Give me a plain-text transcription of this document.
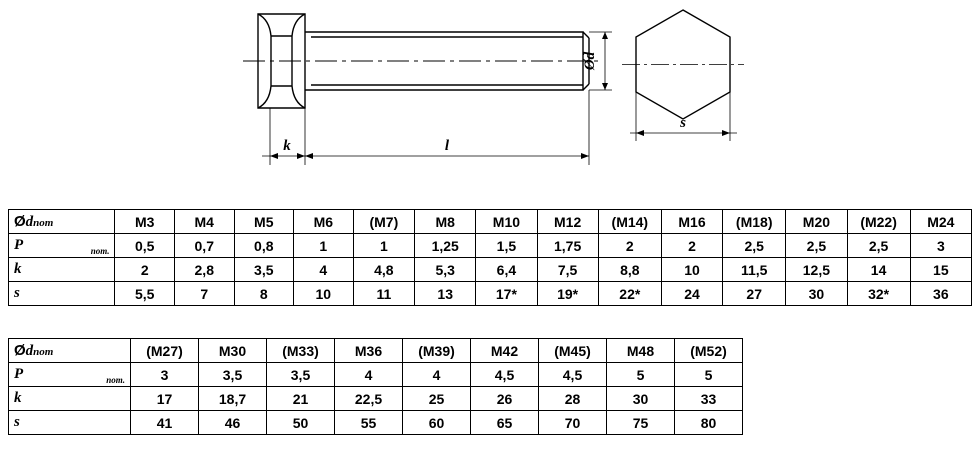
Ød
k	l
s
Ødnom	M3	M4	M5	M6	(M7)	M8	M10	M12	(M14)	M16	(M18)	M20	(M22)	M24
P nom.	0,5	0,7	0,8	1	1	1,25	1,5	1,75	2	2	2,5	2,5	2,5	3
k	2	2,8	3,5	4	4,8	5,3	6,4	7,5	8,8	10	11,5	12,5	14	15
s	5,5	7	8	10	11	13	17*	19*	22*	24	27	30	32*	36
Ødnom	(M27)	M30	(M33)	M36	(M39)	M42	(M45)	M48	(M52)
P nom.	3	3,5	3,5	4	4	4,5	4,5	5	5
k	17	18,7	21	22,5	25	26	28	30	33
s	41	46	50	55	60	65	70	75	80
